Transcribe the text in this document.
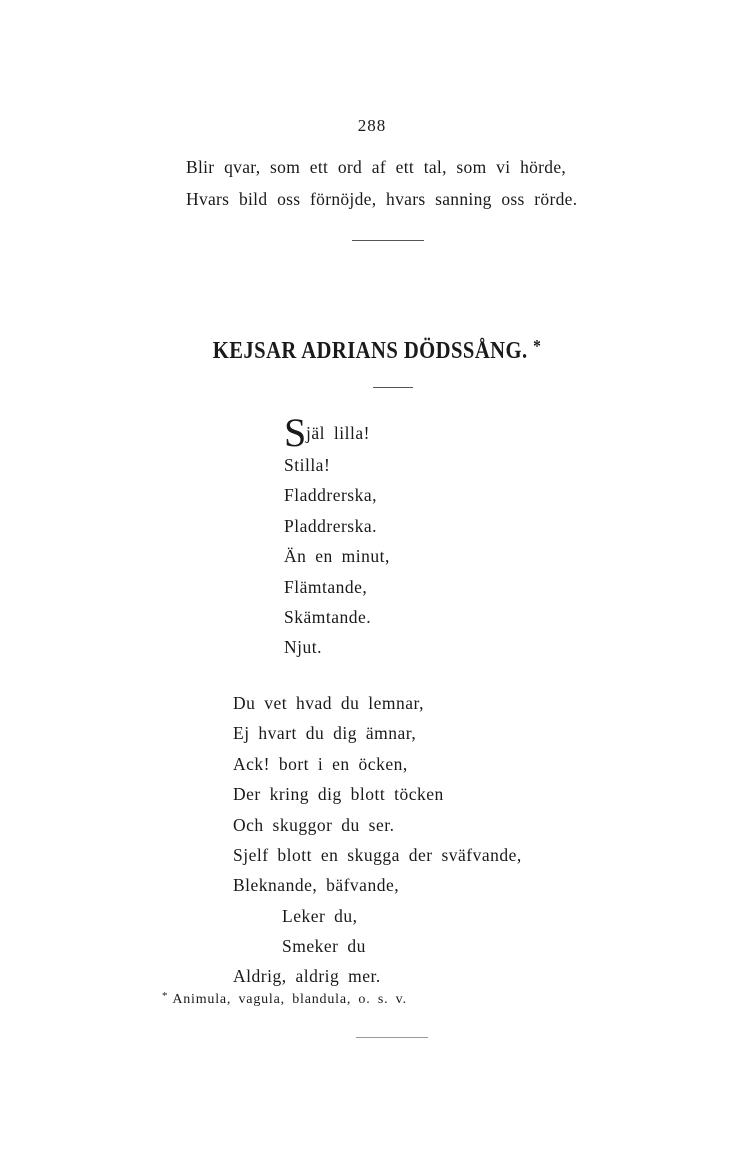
288
Blir qvar, som ett ord af ett tal, som vi hörde,
Hvars bild oss förnöjde, hvars sanning oss rörde.
KEJSAR ADRIANS DÖDSSÅNG. *
S jäl lilla!
Stilla!
Fladdrerska,
Pladdrerska.
Än en minut,
Flämtande,
Skämtande.
Njut.
Du vet hvad du lemnar,
Ej hvart du dig ämnar,
Ack! bort i en öcken,
Der kring dig blott töcken
Och skuggor du ser.
Sjelf blott en skugga der sväfvande,
Bleknande, bäfvande,
Leker du,
Smeker du
Aldrig, aldrig mer.
* Animula, vagula, blandula, o. s. v.
